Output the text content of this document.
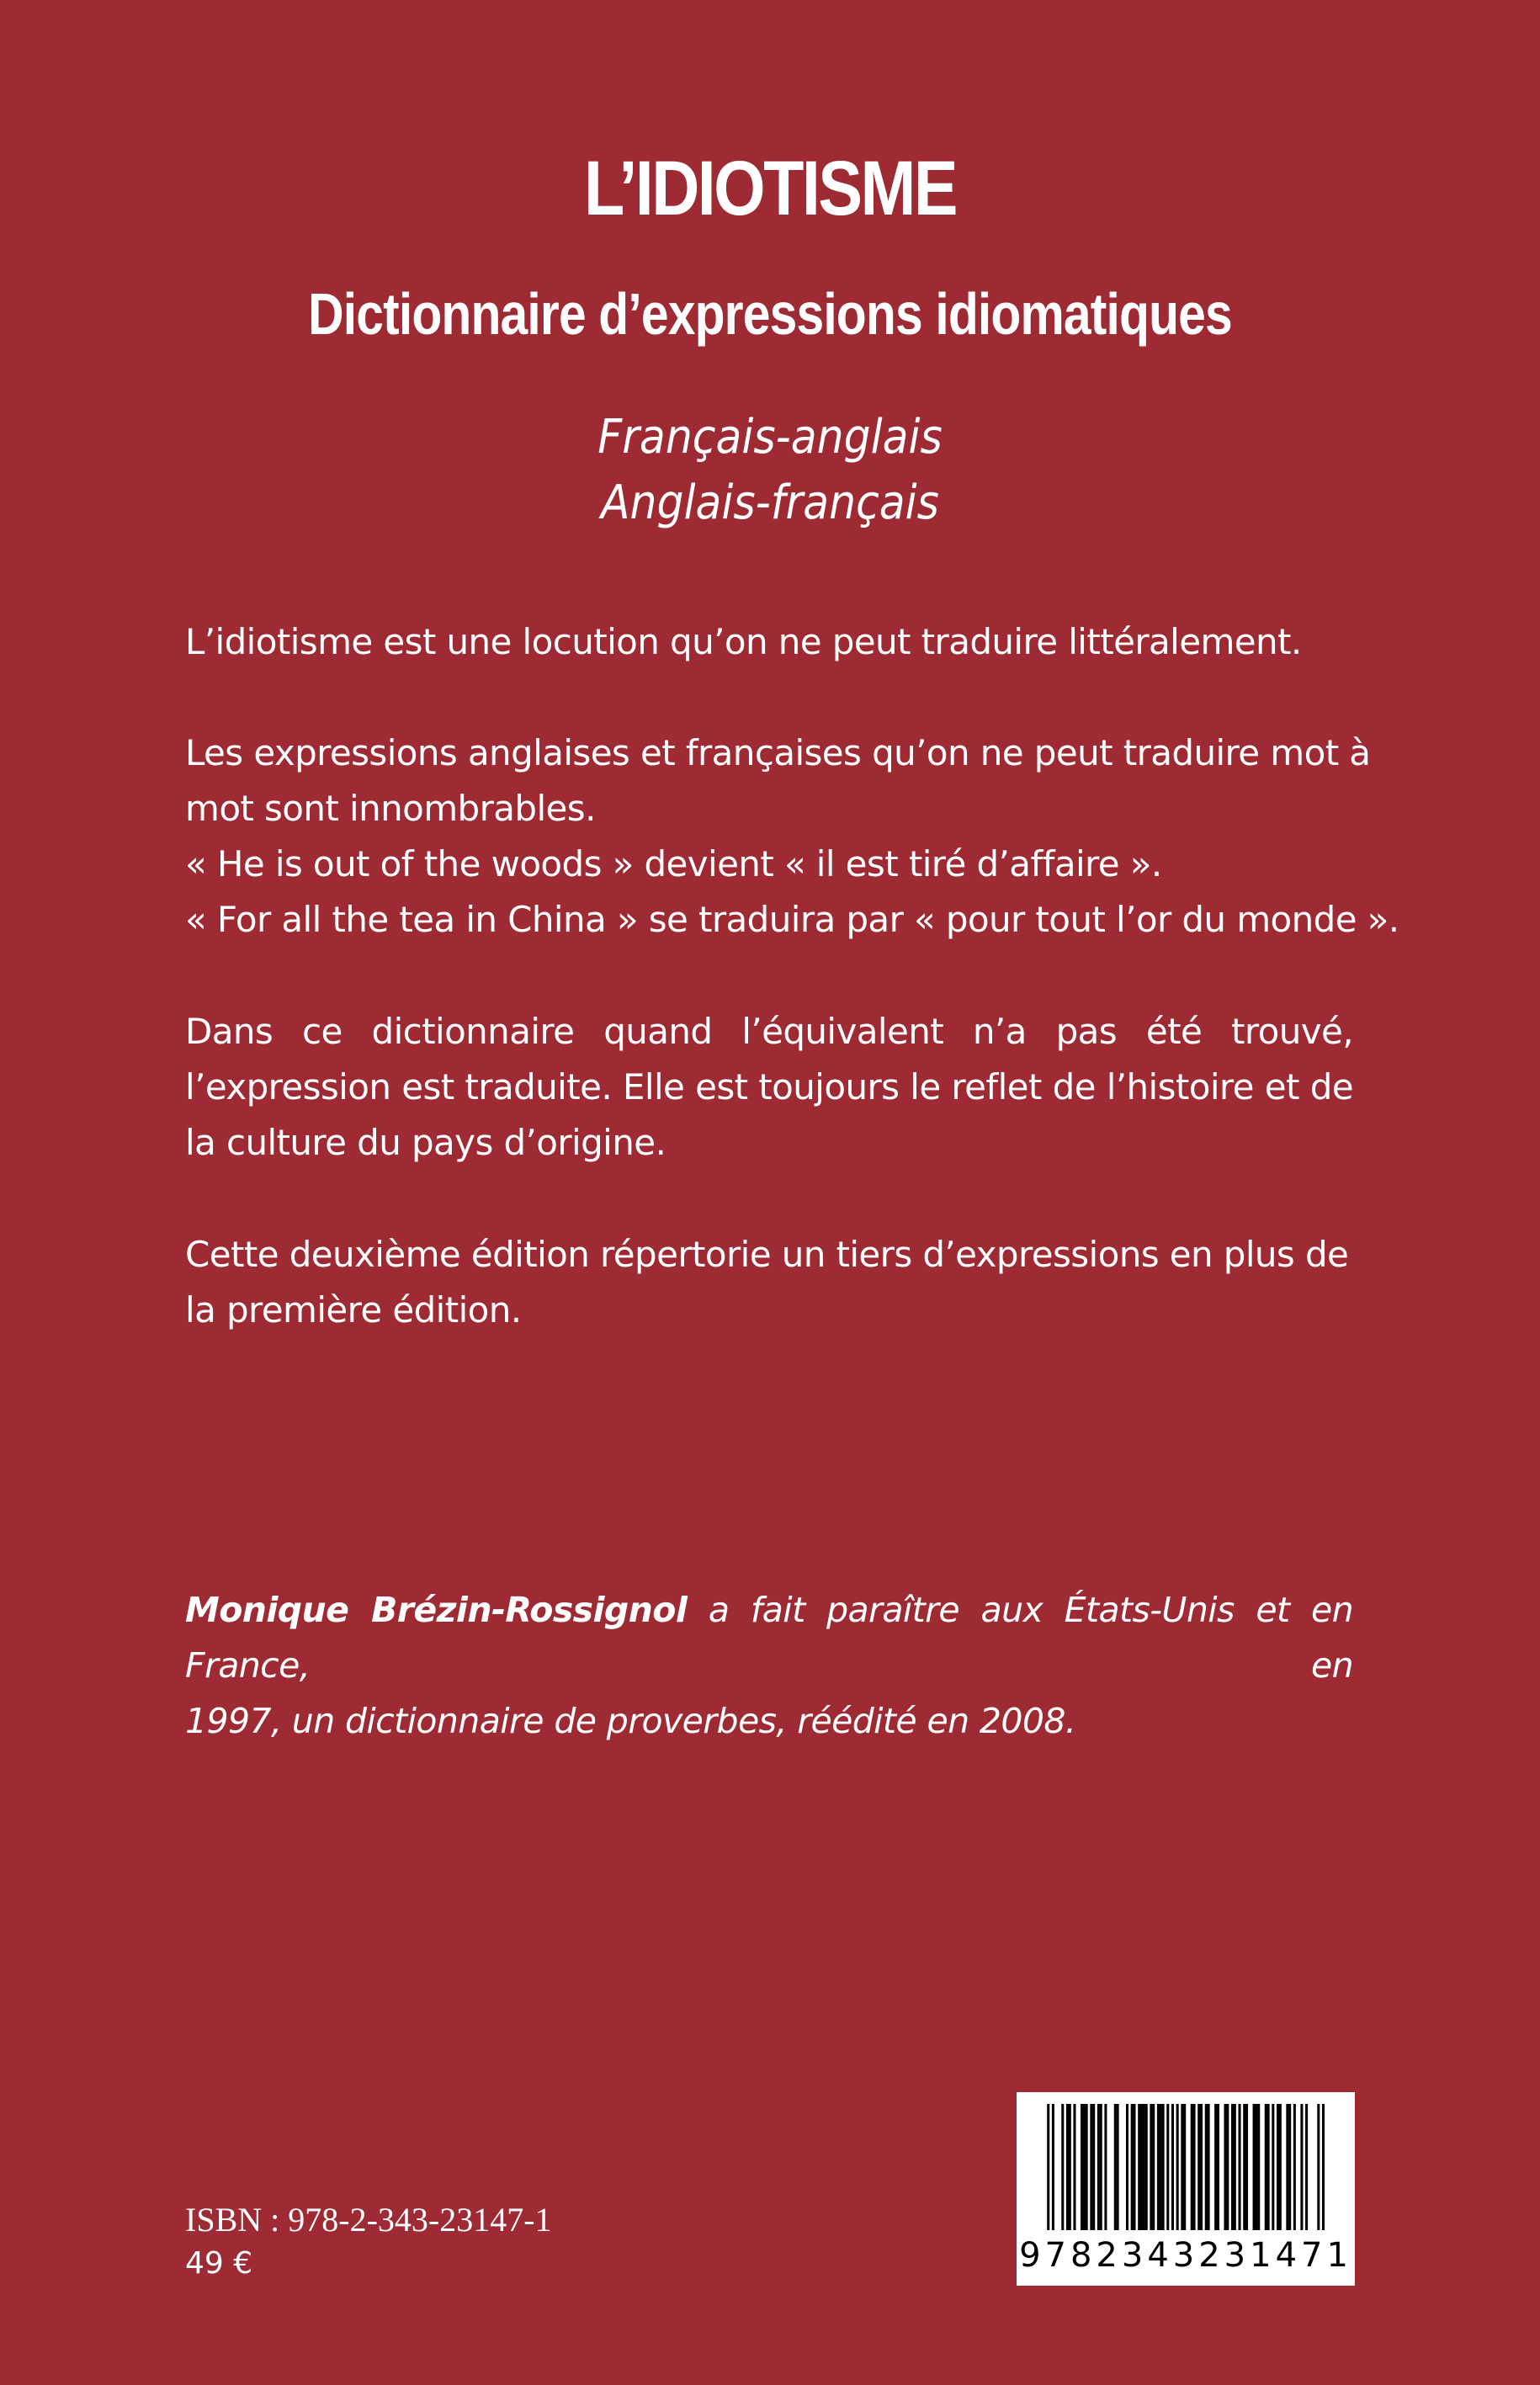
L’IDIOTISME
Dictionnaire d’expressions idiomatiques

Français-anglais

Anglais-français

L’idiotisme est une locution qu’on ne peut traduire littéralement.

Les expressions anglaises et françaises qu’on ne peut traduire mot à
mot sont innombrables.
« He is out of the woods » devient « il est tiré d’affaire ».
« For all the tea in China » se traduira par « pour tout l’or du monde ».

Dans ce dictionnaire quand l’équivalent n’a pas été trouvé,
l’expression est traduite. Elle est toujours le reflet de l’histoire et de
la culture du pays d’origine.

Cette deuxième édition répertorie un tiers d’expressions en plus de
la première édition.

Monique Brézin-Rossignol a fait paraître aux États-Unis et en France, en
1997, un dictionnaire de proverbes, réédité en 2008.

ISBN : 978-2-343-23147-1

49 €	9782343231471
